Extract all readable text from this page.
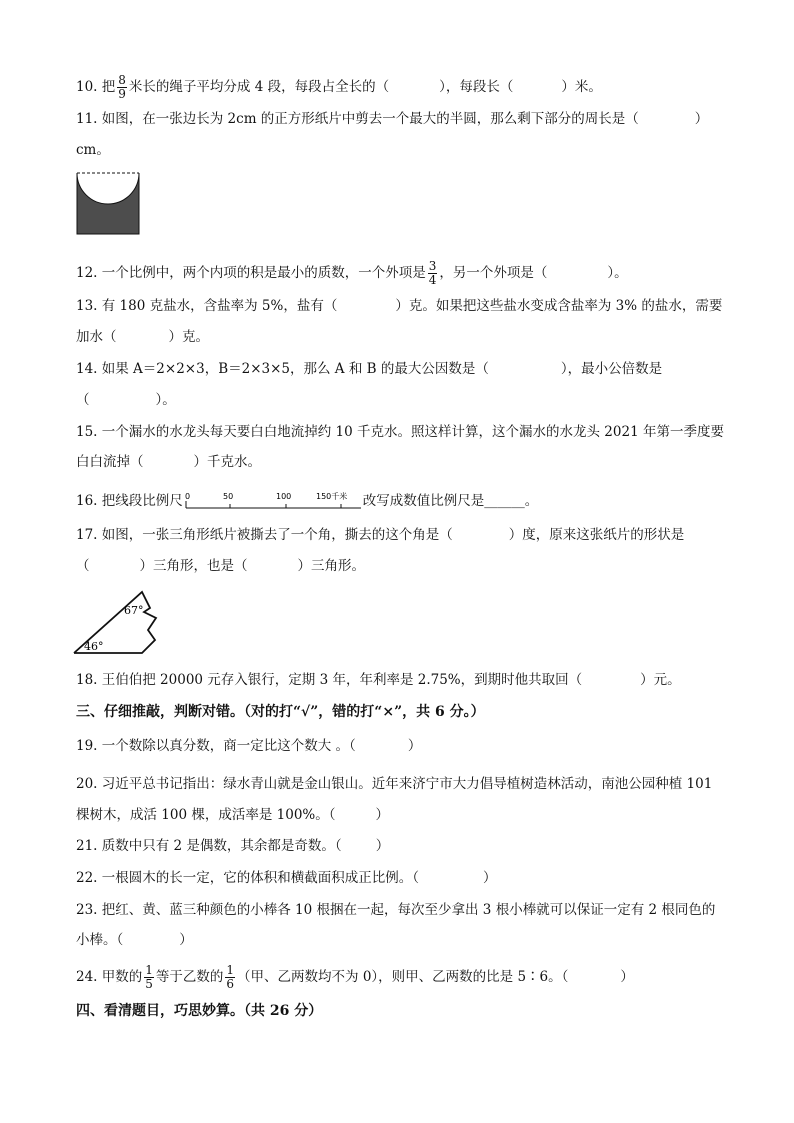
10. 把 $\frac{8}{9}$ 米长的绳子平均分成 4 段，每段占全长的（	），每段长（	）米。
11. 如图，在一张边长为 2cm 的正方形纸片中剪去一个最大的半圆，那么剩下部分的周长是（	）
cm。
12. 一个比例中，两个内项的积是最小的质数，一个外项是 $\frac{3}{4}$ ，另一个外项是（	）。
13. 有 180 克盐水，含盐率为 5%，盐有（	）克。如果把这些盐水变成含盐率为 3% 的盐水，需要
加水（	）克。
14. 如果 A＝2×2×3，B＝2×3×5，那么 A 和 B 的最大公因数是（	），最小公倍数是
（	）。
15. 一个漏水的水龙头每天要白白地流掉约 10 千克水。照这样计算，这个漏水的水龙头 2021 年第一季度要
白白流掉（	）千克水。
16. 把线段比例尺 0	50	100	150千米 改写成数值比例尺是______。
17. 如图，一张三角形纸片被撕去了一个角，撕去的这个角是（	）度，原来这张纸片的形状是
（	）三角形，也是（	）三角形。
67°
46°
18. 王伯伯把 20000 元存入银行，定期 3 年，年利率是 2.75%，到期时他共取回（	）元。
三、仔细推敲，判断对错。（对的打“√”，错的打“×”，共 6 分。）
19. 一个数除以真分数，商一定比这个数大 。（	）
20. 习近平总书记指出：绿水青山就是金山银山。近年来济宁市大力倡导植树造林活动，南池公园种植 101
棵树木，成活 100 棵，成活率是 100%。（	）
21. 质数中只有 2 是偶数，其余都是奇数。（	）
22. 一根圆木的长一定，它的体积和横截面积成正比例。（	）
23. 把红、黄、蓝三种颜色的小棒各 10 根捆在一起，每次至少拿出 3 根小棒就可以保证一定有 2 根同色的
小棒。（	）
24. 甲数的 $\frac{1}{5}$ 等于乙数的 $\frac{1}{6}$ （甲、乙两数均不为 0），则甲、乙两数的比是 5∶6。（	）
四、看清题目，巧思妙算。（共 26 分）
